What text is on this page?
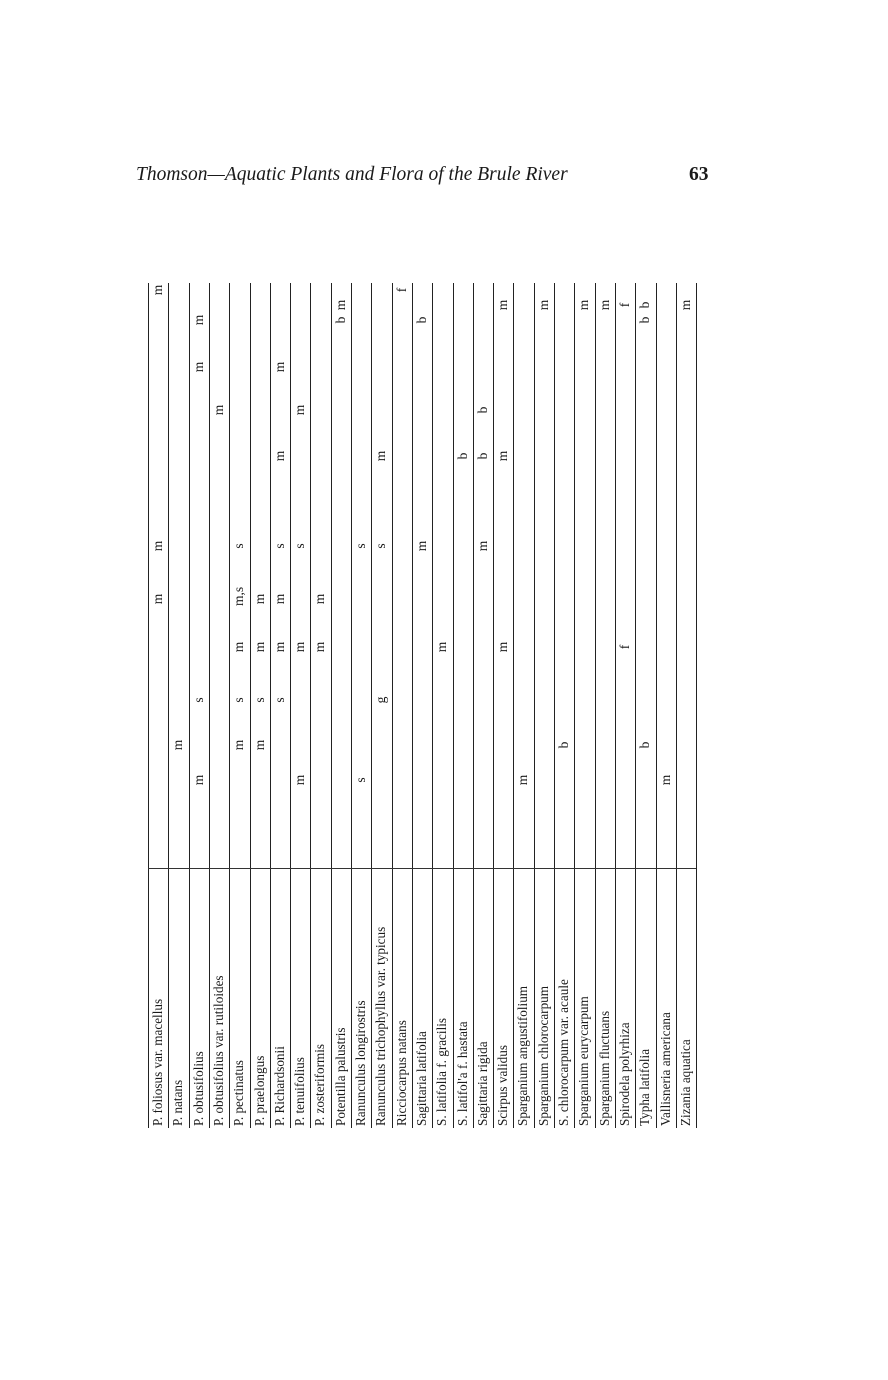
Thomson—Aquatic Plants and Flora of the Brule River	63
P. foliosus var. macellus
m
m
m
P. natans
m
P. obtusifolius
m
s
m
m
P. obtusifolius var. rutiloides
m
P. pectinatus
m
s
m
m,s
s
P. praelongus
m
s
m
m
P. Richardsonii
s
m
m
s
m
m
P. tenuifolius
m
m
s
m
P. zosteriformis
m
m
Potentilla palustris
b
m
Ranunculus longirostris
s
s
Ranunculus trichophyllus var. typicus
g
s
m
Ricciocarpus natans
f
Sagittaria latifolia
m
b
S. latifolia f. gracilis
m
S. latifol'a f. hastata
b
Sagittaria rigida
m
b
b
Scirpus validus
m
m
m
Sparganium angustifolium
m
Sparganium chlorocarpum
m
S. chlorocarpum var. acaule
b
Sparganium eurycarpum
m
Sparganium fluctuans
m
Spirodela polyrhiza
f
f
Typha latifolia
b
b
b
Vallisneria americana
m
Zizania aquatica
m
